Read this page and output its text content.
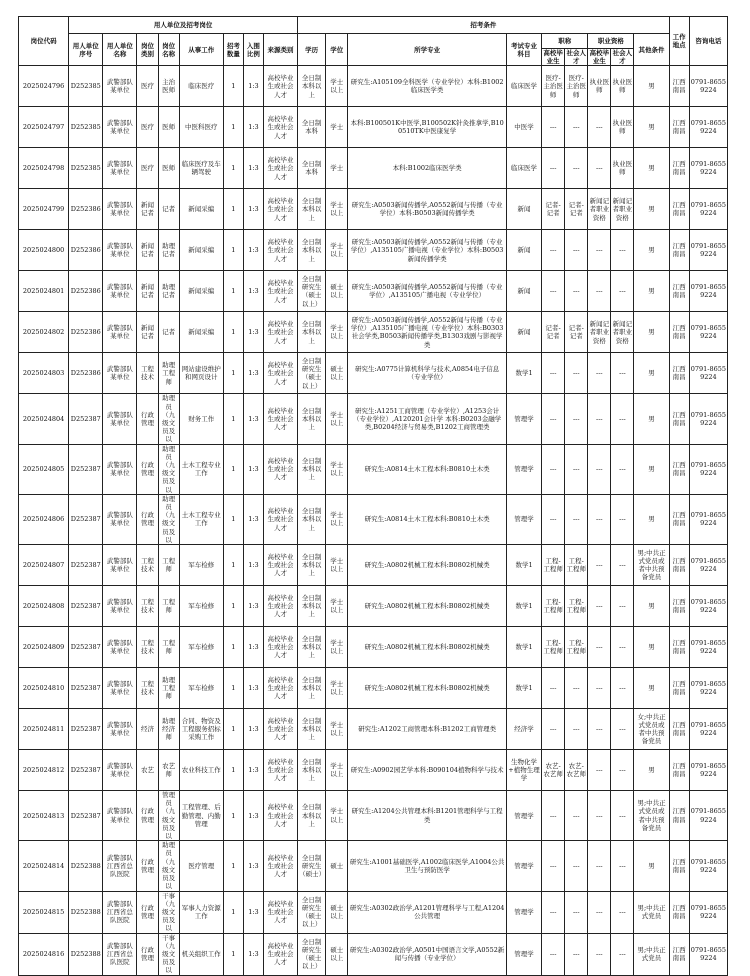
岗位代码	用人单位及招考岗位								招考条件									工作地点	咨询电话
	用人单位序号	用人单位名称	岗位类别	岗位名称	从事工作	招考数量	入围比例	来源类别	学历	学位	所学专业	考试专业科目	职称		职业资格		其他条件		
													高校毕业生	社会人才	高校毕业生	社会人才			
2025024796	D252385	武警部队某单位	医疗	主治医师	临床医疗	1	1:3	高校毕业生或社会人才	全日制本科以上	学士以上	研究生:A105109全科医学（专业学位）本科:B1002临床医学类	临床医学	医疗-主治医师	医疗-主治医师	执业医师	执业医师	男	江西南昌	0791-86559224
2025024797	D252385	武警部队某单位	医疗	医师	中医科医疗	1	1:3	高校毕业生或社会人才	全日制本科	学士	本科:B100501K中医学,B100502K针灸推拿学,B100510TK中医康复学	中医学	---	---	---	执业医师	男	江西南昌	0791-86559224
2025024798	D252385	武警部队某单位	医疗	医师	临床医疗及车辆驾驶	1	1:3	高校毕业生或社会人才	全日制本科	学士	本科:B1002临床医学类	临床医学	---	---	---	执业医师	男	江西南昌	0791-86559224
2025024799	D252386	武警部队某单位	新闻记者	记者	新闻采编	1	1:3	高校毕业生或社会人才	全日制本科以上	学士以上	研究生:A0503新闻传播学,A0552新闻与传播（专业学位）本科:B0503新闻传播学类	新闻	记者-记者	记者-记者	新闻记者职业资格	新闻记者职业资格	男	江西南昌	0791-86559224
2025024800	D252386	武警部队某单位	新闻记者	助理记者	新闻采编	1	1:3	高校毕业生或社会人才	全日制本科以上	学士以上	研究生:A0503新闻传播学,A0552新闻与传播（专业学位）,A135105广播电视（专业学位）本科:B0503新闻传播学类	新闻	---	---	---	---	男	江西南昌	0791-86559224
2025024801	D252386	武警部队某单位	新闻记者	助理记者	新闻采编	1	1:3	高校毕业生或社会人才	全日制研究生（硕士以上）	硕士以上	研究生:A0503新闻传播学,A0552新闻与传播（专业学位）,A135105广播电视（专业学位）	新闻	---	---	---	---	男	江西南昌	0791-86559224
2025024802	D252386	武警部队某单位	新闻记者	记者	新闻采编	1	1:3	高校毕业生或社会人才	全日制本科以上	学士以上	研究生:A0503新闻传播学,A0552新闻与传播（专业学位）,A135105广播电视（专业学位）本科:B0303社会学类,B0503新闻传播学类,B1303戏剧与影视学类	新闻	记者-记者	记者-记者	新闻记者职业资格	新闻记者职业资格	男	江西南昌	0791-86559224
2025024803	D252386	武警部队某单位	工程技术	助理工程师	网站建设维护和网页设计	1	1:3	高校毕业生或社会人才	全日制研究生（硕士以上）	硕士以上	研究生:A0775计算机科学与技术,A0854电子信息（专业学位）	数学1	---	---	---	---	男	江西南昌	0791-86559224
2025024804	D252387	武警部队某单位	行政管理	助理员（九级文员及以	财务工作	1	1:3	高校毕业生或社会人才	全日制本科以上	学士以上	研究生:A1251工商管理（专业学位）,A1253会计（专业学位）,A120201会计学 本科:B0203金融学类,B0204经济与贸易类,B1202工商管理类	管理学	---	---	---	---	男	江西南昌	0791-86559224
2025024805	D252387	武警部队某单位	行政管理	助理员（九级文员及以	土木工程专业工作	1	1:3	高校毕业生或社会人才	全日制本科以上	学士以上	研究生:A0814土木工程本科:B0810土木类	管理学	---	---	---	---	男	江西南昌	0791-86559224
2025024806	D252387	武警部队某单位	行政管理	助理员（九级文员及以	土木工程专业工作	1	1:3	高校毕业生或社会人才	全日制本科以上	学士以上	研究生:A0814土木工程本科:B0810土木类	管理学	---	---	---	---	男	江西南昌	0791-86559224
2025024807	D252387	武警部队某单位	工程技术	工程师	军车检修	1	1:3	高校毕业生或社会人才	全日制本科以上	学士以上	研究生:A0802机械工程本科:B0802机械类	数学1	工程-工程师	工程-工程师	---	---	男;中共正式党员或者中共预备党员	江西南昌	0791-86559224
2025024808	D252387	武警部队某单位	工程技术	工程师	军车检修	1	1:3	高校毕业生或社会人才	全日制本科以上	学士以上	研究生:A0802机械工程本科:B0802机械类	数学1	工程-工程师	工程-工程师	---	---	男	江西南昌	0791-86559224
2025024809	D252387	武警部队某单位	工程技术	工程师	军车检修	1	1:3	高校毕业生或社会人才	全日制本科以上	学士以上	研究生:A0802机械工程本科:B0802机械类	数学1	工程-工程师	工程-工程师	---	---	男	江西南昌	0791-86559224
2025024810	D252387	武警部队某单位	工程技术	助理工程师	军车检修	1	1:3	高校毕业生或社会人才	全日制本科以上	学士以上	研究生:A0802机械工程本科:B0802机械类	数学1	---	---	---	---	男	江西南昌	0791-86559224
2025024811	D252387	武警部队某单位	经济	助理经济师	合同、物资及工程服务招标采购工作	1	1:3	高校毕业生或社会人才	全日制本科以上	学士以上	研究生:A1202工商管理本科:B1202工商管理类	经济学	---	---	---	---	女;中共正式党员或者中共预备党员	江西南昌	0791-86559224
2025024812	D252387	武警部队某单位	农艺	农艺师	农业科技工作	1	1:3	高校毕业生或社会人才	全日制本科以上	学士以上	研究生:A0902园艺学本科:B090104植物科学与技术	生物化学+植物生理学	农艺-农艺师	农艺-农艺师	---	---	男	江西南昌	0791-86559224
2025024813	D252387	武警部队某单位	行政管理	管理员（九级文员及以	工程管理、后勤管理、内勤管理	1	1:3	高校毕业生或社会人才	全日制本科以上	学士以上	研究生:A1204公共管理本科:B1201管理科学与工程类	管理学	---	---	---	---	男;中共正式党员或者中共预备党员	江西南昌	0791-86559224
2025024814	D252388	武警部队江西省总队医院	行政管理	助理员（九级文员及以	医疗管理	1	1:3	高校毕业生或社会人才	全日制研究生（硕士）	硕士	研究生:A1001基础医学,A1002临床医学,A1004公共卫生与预防医学	管理学	---	---	---	---	男	江西南昌	0791-86559224
2025024815	D252388	武警部队江西省总队医院	行政管理	干事（九级文员及以	军事人力资源工作	1	1:3	高校毕业生或社会人才	全日制研究生（硕士以上）	硕士以上	研究生:A0302政治学,A1201管理科学与工程,A1204公共管理	管理学	---	---	---	---	男;中共正式党员	江西南昌	0791-86559224
2025024816	D252388	武警部队江西省总队医院	行政管理	干事（九级文员及以	机关组织工作	1	1:3	高校毕业生或社会人才	全日制研究生（硕士以上）	硕士以上	研究生:A0302政治学,A0501中国语言文学,A0552新闻与传播（专业学位）	管理学	---	---	---	---	男;中共正式党员	江西南昌	0791-86559224
